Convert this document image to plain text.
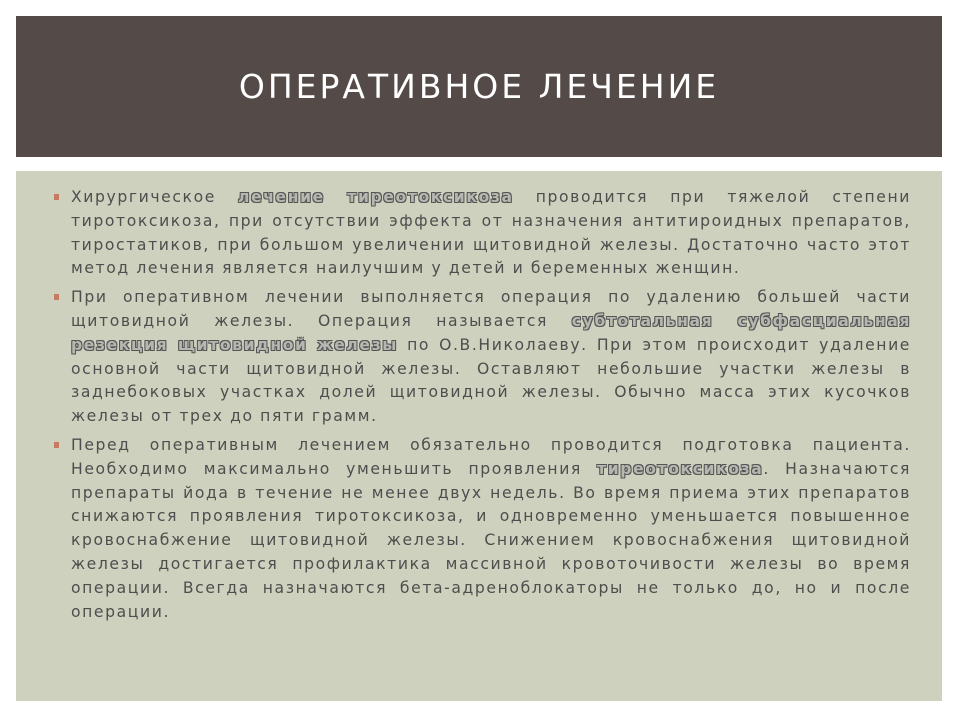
ОПЕРАТИВНОЕ ЛЕЧЕНИЕ
Хирургическое лечение тиреотоксикоза проводится при тяжелой степени тиротоксикоза, при отсутствии эффекта от назначения антитироидных препаратов, тиростатиков, при большом увеличении щитовидной железы. Достаточно часто этот метод лечения является наилучшим у детей и беременных женщин.
При оперативном лечении выполняется операция по удалению большей части щитовидной железы. Операция называется субтотальная субфасциальная резекция щитовидной железы по О.В.Николаеву. При этом происходит удаление основной части щитовидной железы. Оставляют небольшие участки железы в заднебоковых участках долей щитовидной железы. Обычно масса этих кусочков железы от трех до пяти грамм.
Перед оперативным лечением обязательно проводится подготовка пациента. Необходимо максимально уменьшить проявления тиреотоксикоза. Назначаются препараты йода в течение не менее двух недель. Во время приема этих препаратов снижаются проявления тиротоксикоза, и одновременно уменьшается повышенное кровоснабжение щитовидной железы. Снижением кровоснабжения щитовидной железы достигается профилактика массивной кровоточивости железы во время операции. Всегда назначаются бета-адреноблокаторы не только до, но и после операции.
